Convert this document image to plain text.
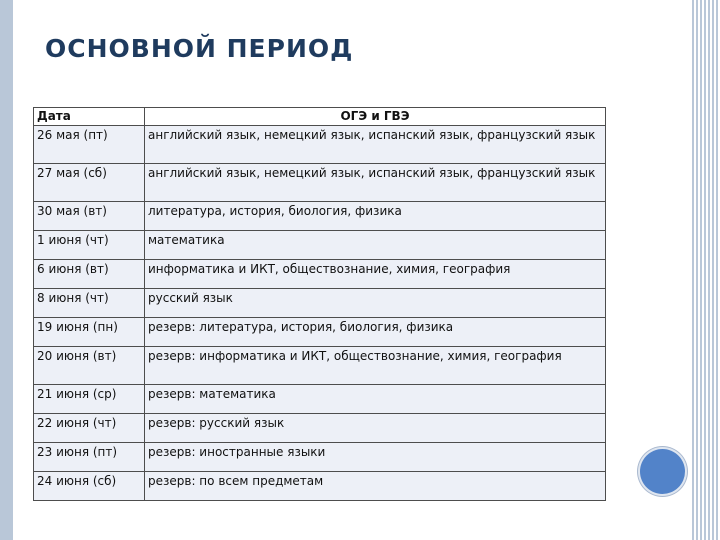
ОСНОВНОЙ ПЕРИОД
Дата	ОГЭ и ГВЭ
26 мая (пт)	английский язык, немецкий язык, испанский язык, французский язык
27 мая (сб)	английский язык, немецкий язык, испанский язык, французский язык
30 мая (вт)	литература, история, биология, физика
1 июня (чт)	математика
6 июня (вт)	информатика и ИКТ, обществознание, химия, география
8 июня (чт)	русский язык
19 июня (пн)	резерв: литература, история, биология, физика
20 июня (вт)	резерв: информатика и ИКТ, обществознание, химия, география
21 июня (ср)	резерв: математика
22 июня (чт)	резерв: русский язык
23 июня (пт)	резерв: иностранные языки
24 июня (сб)	резерв: по всем предметам
